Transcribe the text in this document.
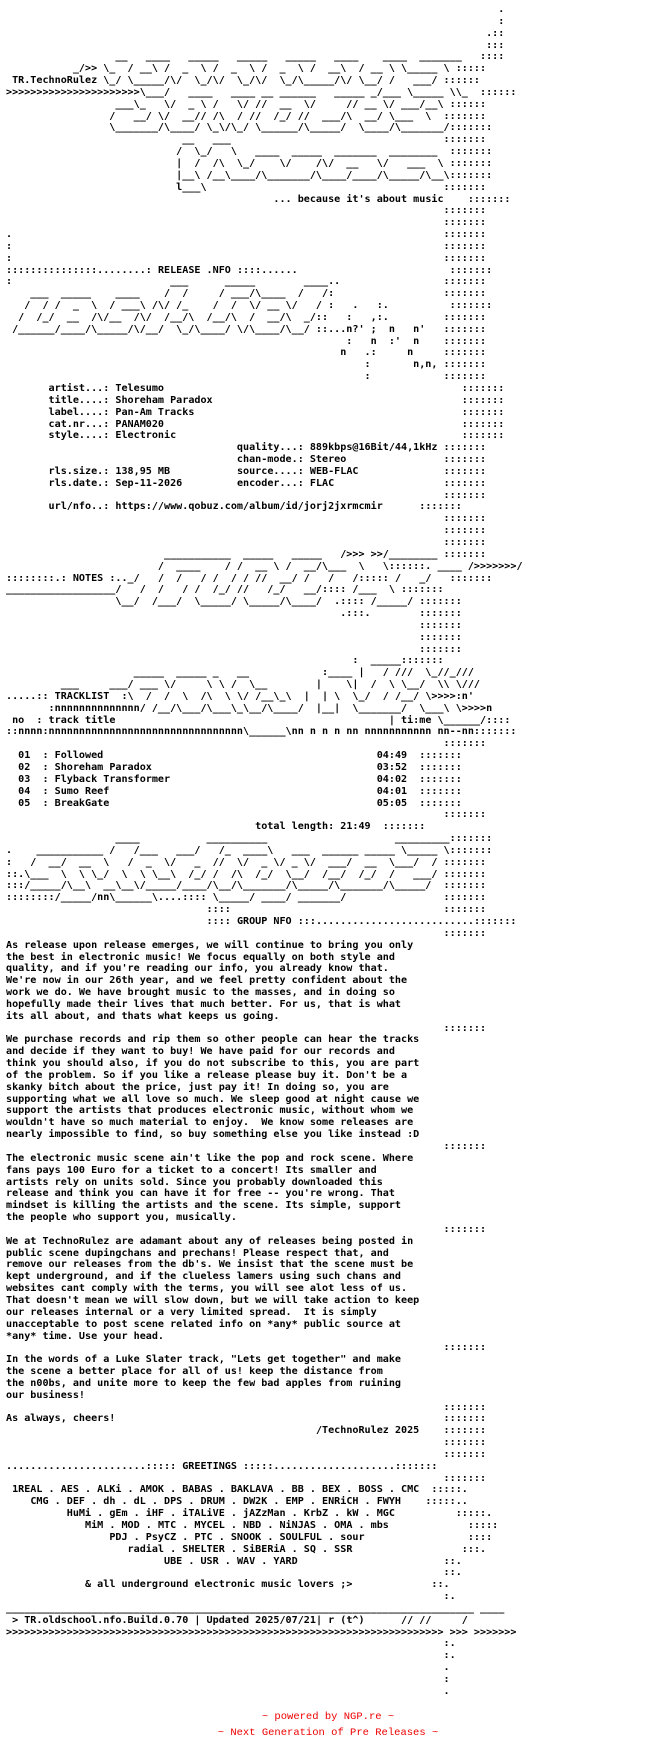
.
:
.::
:::
__   ____   _____   _____   _____   ____    ____  _______   ::::
_/>> \_  / __\ /  _  \ /  _  \ /  _  \ /  __\  / __ \ \_____ \ :::::
TR.TechnoRulez \_/ \_____/\/  \_/\/  \_/\/  \_/\_____/\/ \__/ /   ___/ ::::::
>>>>>>>>>>>>>>>>>>>>>>\___/   ____   ____ __ ______   _____ _/___ \_____ \\_  ::::::
___\_   \/  _ \ /   \/ //  __  \/     // __ \/ ___/__\ ::::::
/   __/ \/  __// /\  / //  /_/ //  ___/\  __/ \___  \  :::::::
\_______/\____/ \_\/\_/ \______/\_____/  \____/\_______/:::::::
__   ___                                   :::::::
/  \_/   \   ____  _____  _______  ________  :::::::
|  /  /\  \_/    \/    /\/  __   \/   ___  \ :::::::
|__\ /__\____/\_______/\____/____/\_____/\__\:::::::
l___\                                       :::::::
... because it's about music    :::::::
:::::::
:::::::
.                                                                       :::::::
:                                                                       :::::::
:                                                                       :::::::
:::::::::::::::........: RELEASE .NFO ::::......                         :::::::
:                          ___      _____        ____..                 :::::::
___  _____    ____    /  /     / ___/\____  /   /:                  :::::::
/  / /  _  \  / ___\ /\/ /_    /  /  \/ __ \/   / :   .   :.          :::::::
/  /_/  __  /\/__  /\/  /__/\  /__/\  /  __/\  _/::   :   ,:.         :::::::
/______/____/\_____/\/__/  \_/\____/ \/\____/\__/ ::...n?' ;  n   n'   :::::::
:   n  :'  n    :::::::
n   .:     n     :::::::
:       n,n, :::::::
:            :::::::
artist...: Telesumo	:::::::
title....: Shoreham Paradox	:::::::
label....: Pan-Am Tracks	:::::::
cat.nr...: PANAM020	:::::::
style....: Electronic	:::::::
quality...: 889kbps@16Bit/44,1kHz :::::::
chan-mode.: Stereo	:::::::
rls.size.: 138,95 MB           source....: WEB-FLAC	:::::::
rls.date.: Sep-11-2026         encoder...: FLAC	:::::::
:::::::
url/nfo..: https://www.qobuz.com/album/id/jorj2jxrmcmir	:::::::
:::::::
:::::::
:::::::
___________  _____   _____   />>> >>/________ :::::::
/  ____    / /  __ \ /  __/\___  \   \::::::. ____ />>>>>>>/
::::::::.: NOTES :.._/   /  /   / /  / / //  __/ /   /   /::::: /   _/   :::::::
__________________/   /  /   / /  /_/ //   /_/   __/:::: /___  \ :::::::
\__/  /___/  \_____/ \_____/\____/  .:::: /_____/ :::::::
.:::.        :::::::
:::::::
:::::::
:::::::
:  _____:::::::
_____  _____ _   __            :____ |   / ///  \_//_///
___     ___/ ___ \/     \ \ /  \__        |    \|  /  \ \__/  \\ \///
.....:: TRACKLIST  :\  /  /  \  /\  \ \/ /__\_\  |  | \  \_/  / /__/ \>>>>:n'
:nnnnnnnnnnnnnn/ /__/\___/\___\_\__/\____/  |__|  \_______/  \___\ \>>>>n
no : track title                                             | ti:me \______/::::
::nnnn:nnnnnnnnnnnnnnnnnnnnnnnnnnnnnnnn\______\nn n n n nn nnnnnnnnnnn nn--nn:::::::
:::::::
01  : Followed	04:49  :::::::
02  : Shoreham Paradox	03:52  :::::::
03  : Flyback Transformer	04:02  :::::::
04  : Sumo Reef	04:01  :::::::
05  : BreakGate	05:05  :::::::
:::::::
total length: 21:49  :::::::
____           __________                     _________:::::::
.    ___________ /   /___   ___/   /_  ____\   ___  ______ _____ \_____ \:::::::
:   /  __/  __  \   /  _  \/   _  //  \/  _ \/ _ \/  ___/  __  \___/  / :::::::
::.\___  \  \ \_/  \  \ \__\  /_/ /  /\  /_/  \__/  /__/  /_/  /   ___/ :::::::
:::/_____/\__\  __\__\/_____/____/\__/\_______/\_____/\_______/\_____/  :::::::
::::::::/_____/nn\______\....:::: \_____/ ____/ _______/                :::::::
::::                                   :::::::
:::: GROUP NFO :::..........................:::::::
:::::::
As release upon release emerges, we will continue to bring you only
the best in electronic music! We focus equally on both style and
quality, and if you're reading our info, you already know that.
We're now in our 26th year, and we feel pretty confident about the
work we do. We have brought music to the masses, and in doing so
hopefully made their lives that much better. For us, that is what
its all about, and thats what keeps us going.
:::::::
We purchase records and rip them so other people can hear the tracks
and decide if they want to buy! We have paid for our records and
think you should also, if you do not subscribe to this, you are part
of the problem. So if you like a release please buy it. Don't be a
skanky bitch about the price, just pay it! In doing so, you are
supporting what we all love so much. We sleep good at night cause we
support the artists that produces electronic music, without whom we
wouldn't have so much material to enjoy.  We know some releases are
nearly impossible to find, so buy something else you like instead :D
:::::::
The electronic music scene ain't like the pop and rock scene. Where
fans pays 100 Euro for a ticket to a concert! Its smaller and
artists rely on units sold. Since you probably downloaded this
release and think you can have it for free -- you're wrong. That
mindset is killing the artists and the scene. Its simple, support
the people who support you, musically.
:::::::
We at TechnoRulez are adamant about any of releases being posted in
public scene dupingchans and prechans! Please respect that, and
remove our releases from the db's. We insist that the scene must be
kept underground, and if the clueless lamers using such chans and
websites cant comply with the terms, you will see alot less of us.
That doesn't mean we will slow down, but we will take action to keep
our releases internal or a very limited spread.  It is simply
unacceptable to post scene related info on *any* public source at
*any* time. Use your head.
:::::::
In the words of a Luke Slater track, "Lets get together" and make
the scene a better place for all of us! keep the distance from
the n00bs, and unite more to keep the few bad apples from ruining
our business!
:::::::
As always, cheers!	:::::::
/TechnoRulez 2025    :::::::
:::::::
:::::::
.......................::::: GREETINGS :::::....................:::::::
:::::::
1REAL . AES . ALKi . AMOK . BABAS . BAKLAVA . BB . BEX . BOSS . CMC  :::::.
CMG . DEF . dh . dL . DPS . DRUM . DW2K . EMP . ENRiCH . FWYH    :::::..
HuMi . gEm . iHF . iTALiVE . jAZzMan . KrbZ . kW . MGC	:::::.
MiM . MOD . MTC . MYCEL . NBD . NiNJAS . OMA . mbs	:::::
PDJ . PsyCZ . PTC . SNOOK . SOULFUL . sour	::::
radial . SHELTER . SiBERiA . SQ . SSR	:::.
UBE . USR . WAV . YARD	::.
::.
& all underground electronic music lovers ;>	::.
:.
_____________________________________________________________________________ ____
> TR.oldschool.nfo.Build.0.70 | Updated 2025/07/21| r (t^)      // //     /
>>>>>>>>>>>>>>>>>>>>>>>>>>>>>>>>>>>>>>>>>>>>>>>>>>>>>>>>>>>>>>>>>>>>>>>> >>> >>>>>>>
:.
:.
.
:
.

~ powered by NGP.re ~
~ Next Generation of Pre Releases ~
